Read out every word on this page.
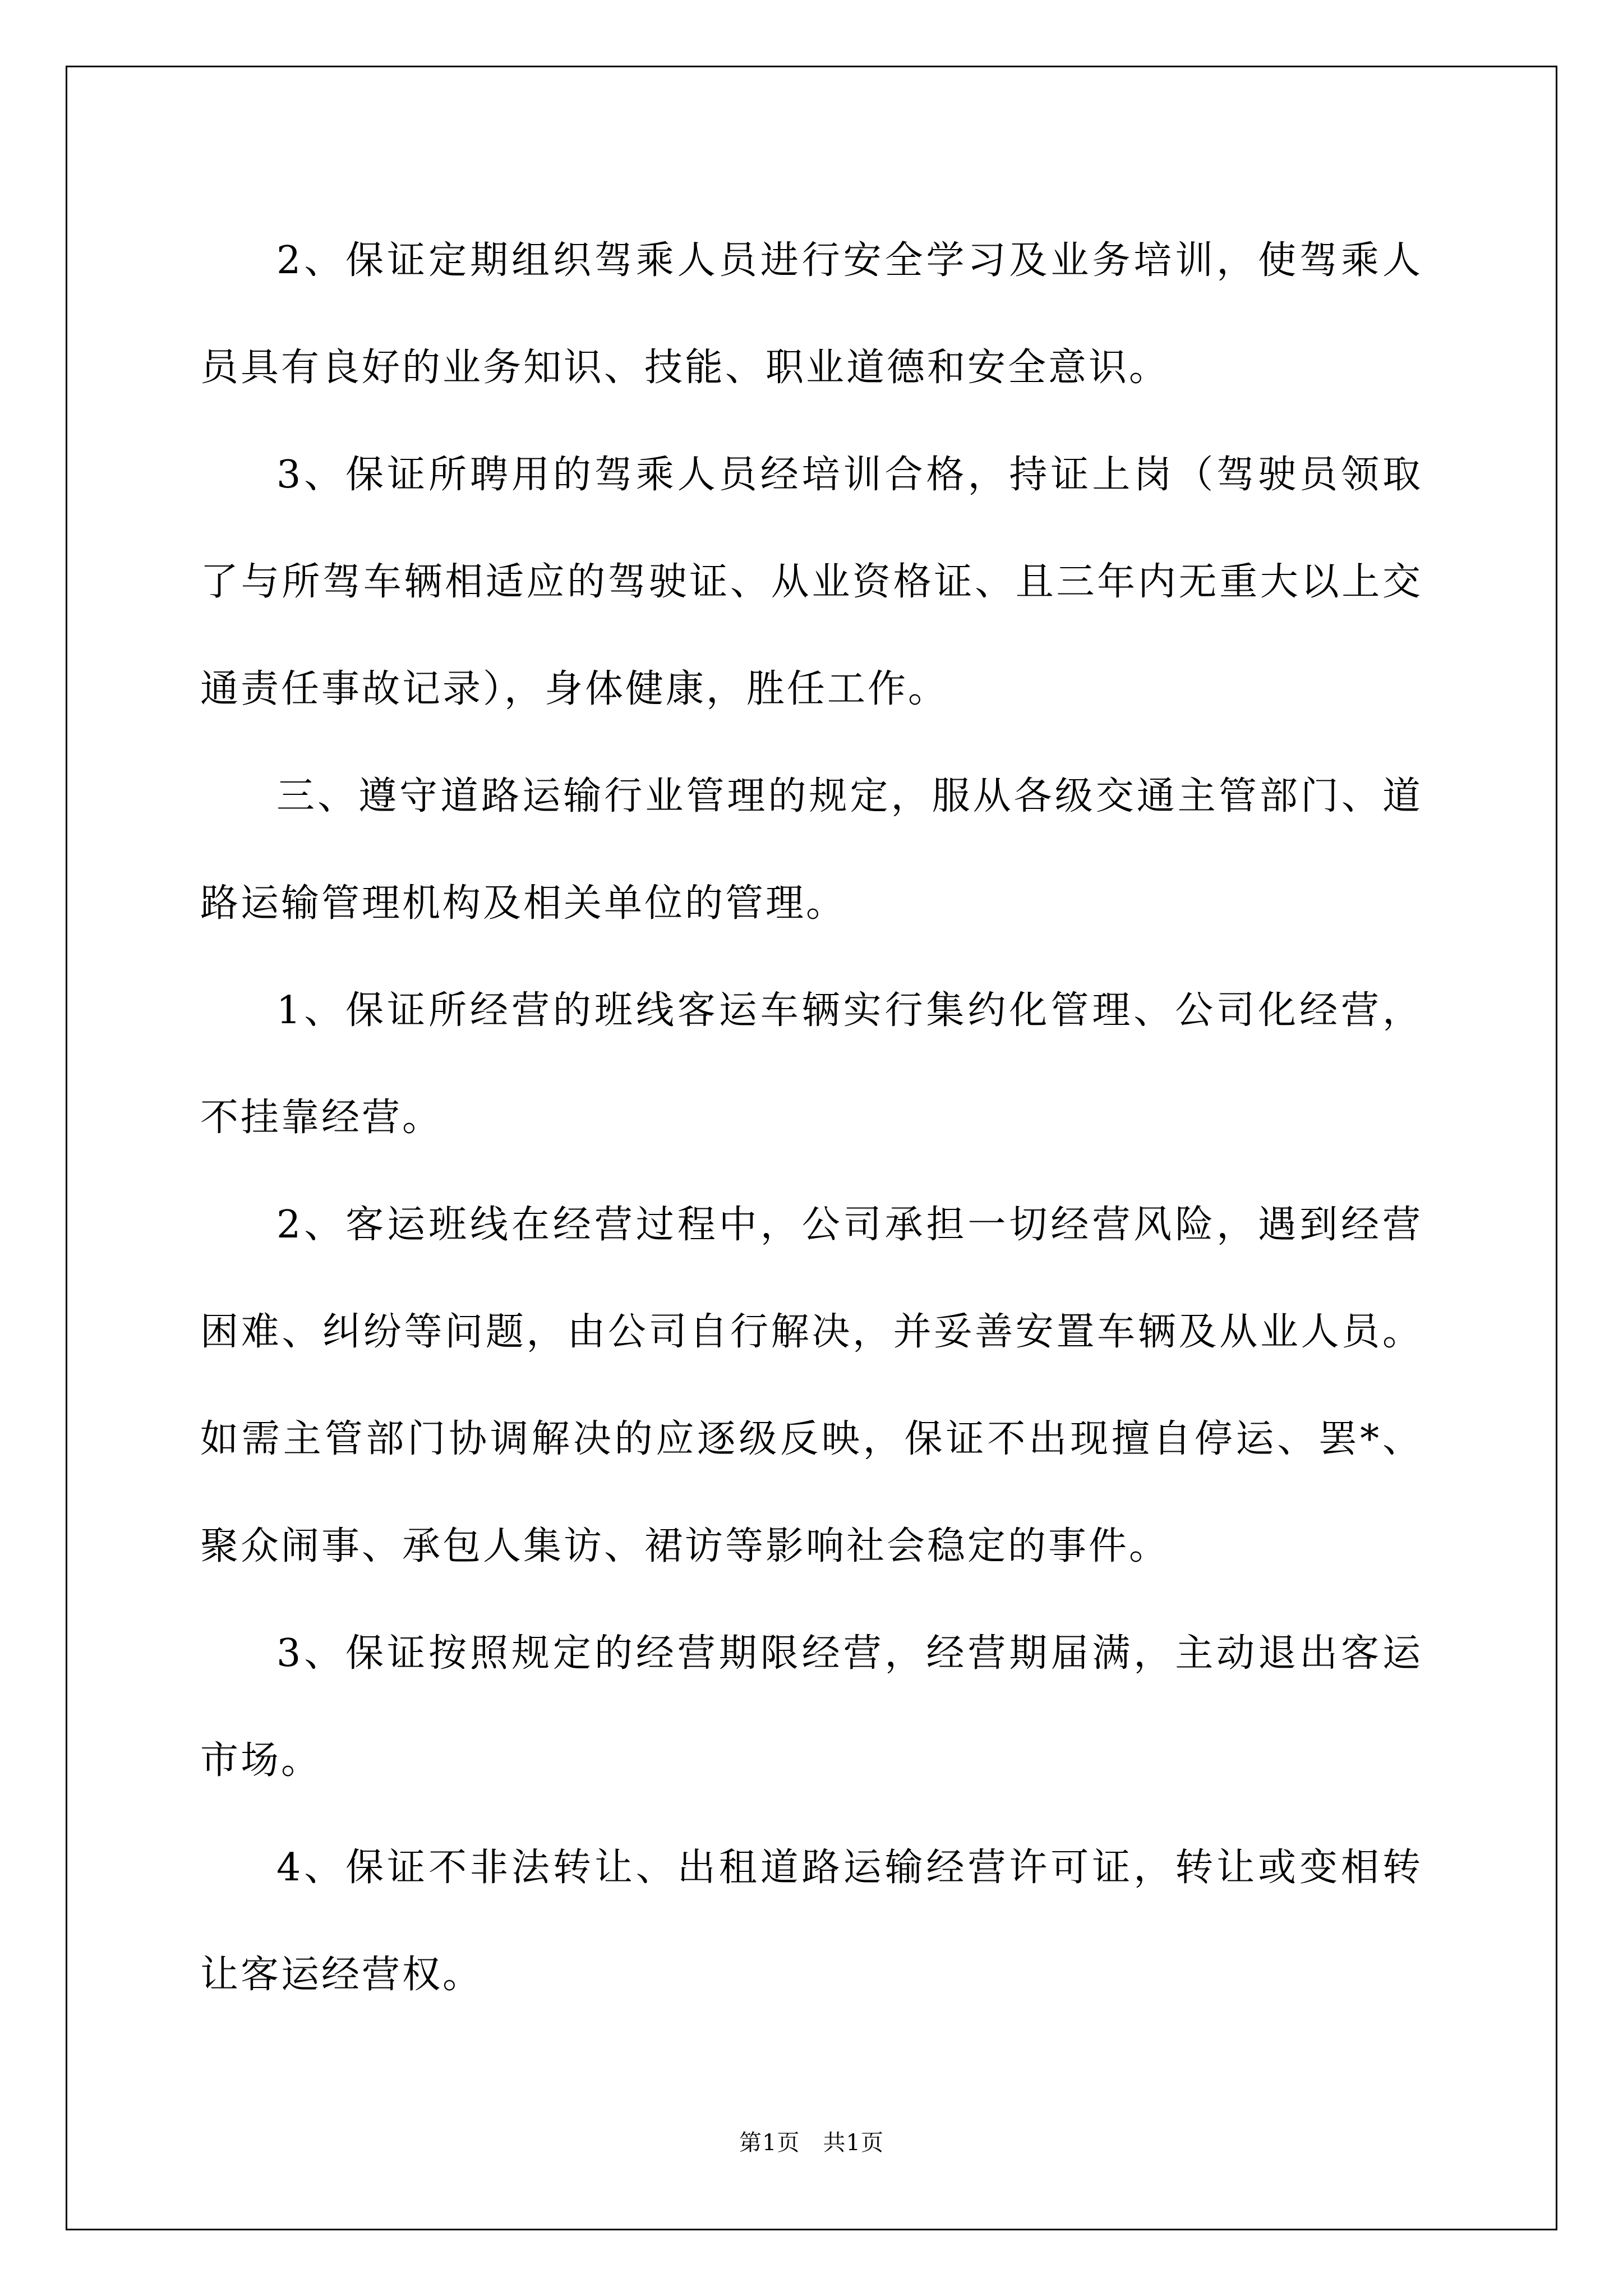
2、保证定期组织驾乘人员进行安全学习及业务培训，使驾乘人员具有良好的业务知识、技能、职业道德和安全意识。

3、保证所聘用的驾乘人员经培训合格，持证上岗（驾驶员领取了与所驾车辆相适应的驾驶证、从业资格证、且三年内无重大以上交通责任事故记录），身体健康，胜任工作。

三、遵守道路运输行业管理的规定，服从各级交通主管部门、道路运输管理机构及相关单位的管理。

1、保证所经营的班线客运车辆实行集约化管理、公司化经营，不挂靠经营。

2、客运班线在经营过程中，公司承担一切经营风险，遇到经营困难、纠纷等问题，由公司自行解决，并妥善安置车辆及从业人员。如需主管部门协调解决的应逐级反映，保证不出现擅自停运、罢*、聚众闹事、承包人集访、裙访等影响社会稳定的事件。

3、保证按照规定的经营期限经营，经营期届满，主动退出客运市场。

4、保证不非法转让、出租道路运输经营许可证，转让或变相转让客运经营权。

第1页　共1页
